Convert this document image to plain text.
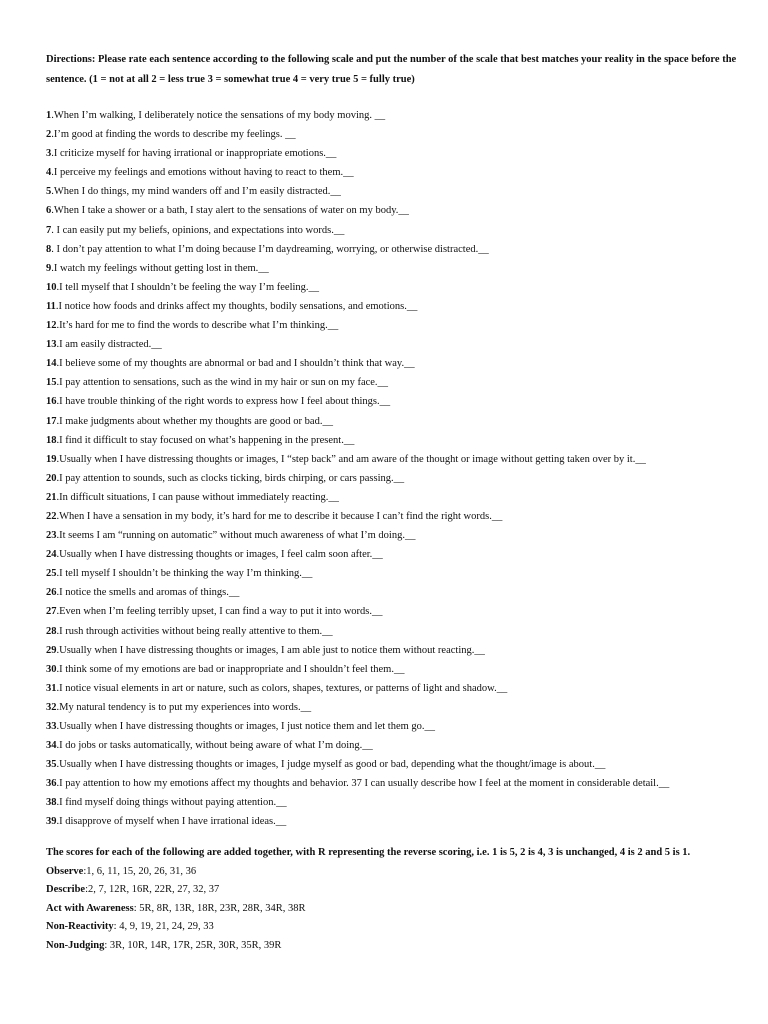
Directions: Please rate each sentence according to the following scale and put the number of the scale that best matches your reality in the space before the sentence. (1 = not at all 2 = less true 3 = somewhat true 4 = very true 5 = fully true)
1.When I’m walking, I deliberately notice the sensations of my body moving. __
2.I’m good at finding the words to describe my feelings. __
3.I criticize myself for having irrational or inappropriate emotions.__
4.I perceive my feelings and emotions without having to react to them.__
5.When I do things, my mind wanders off and I’m easily distracted.__
6.When I take a shower or a bath, I stay alert to the sensations of water on my body.__
7. I can easily put my beliefs, opinions, and expectations into words.__
8. I don’t pay attention to what I’m doing because I’m daydreaming, worrying, or otherwise distracted.__
9.I watch my feelings without getting lost in them.__
10.I tell myself that I shouldn’t be feeling the way I’m feeling.__
11.I notice how foods and drinks affect my thoughts, bodily sensations, and emotions.__
12.It’s hard for me to find the words to describe what I’m thinking.__
13.I am easily distracted.__
14.I believe some of my thoughts are abnormal or bad and I shouldn’t think that way.__
15.I pay attention to sensations, such as the wind in my hair or sun on my face.__
16.I have trouble thinking of the right words to express how I feel about things.__
17.I make judgments about whether my thoughts are good or bad.__
18.I find it difficult to stay focused on what’s happening in the present.__
19.Usually when I have distressing thoughts or images, I “step back” and am aware of the thought or image without getting taken over by it.__
20.I pay attention to sounds, such as clocks ticking, birds chirping, or cars passing.__
21.In difficult situations, I can pause without immediately reacting.__
22.When I have a sensation in my body, it’s hard for me to describe it because I can’t find the right words.__
23.It seems I am “running on automatic” without much awareness of what I’m doing.__
24.Usually when I have distressing thoughts or images, I feel calm soon after.__
25.I tell myself I shouldn’t be thinking the way I’m thinking.__
26.I notice the smells and aromas of things.__
27.Even when I’m feeling terribly upset, I can find a way to put it into words.__
28.I rush through activities without being really attentive to them.__
29.Usually when I have distressing thoughts or images, I am able just to notice them without reacting.__
30.I think some of my emotions are bad or inappropriate and I shouldn’t feel them.__
31.I notice visual elements in art or nature, such as colors, shapes, textures, or patterns of light and shadow.__
32.My natural tendency is to put my experiences into words.__
33.Usually when I have distressing thoughts or images, I just notice them and let them go.__
34.I do jobs or tasks automatically, without being aware of what I’m doing.__
35.Usually when I have distressing thoughts or images, I judge myself as good or bad, depending what the thought/image is about.__
36.I pay attention to how my emotions affect my thoughts and behavior. 37 I can usually describe how I feel at the moment in considerable detail.__
38.I find myself doing things without paying attention.__
39.I disapprove of myself when I have irrational ideas.__
The scores for each of the following are added together, with R representing the reverse scoring, i.e. 1 is 5, 2 is 4, 3 is unchanged, 4 is 2 and 5 is 1.
Observe:1, 6, 11, 15, 20, 26, 31, 36
Describe:2, 7, 12R, 16R, 22R, 27, 32, 37
Act with Awareness: 5R, 8R, 13R, 18R, 23R, 28R, 34R, 38R
Non-Reactivity: 4, 9, 19, 21, 24, 29, 33
Non-Judging: 3R, 10R, 14R, 17R, 25R, 30R, 35R, 39R
